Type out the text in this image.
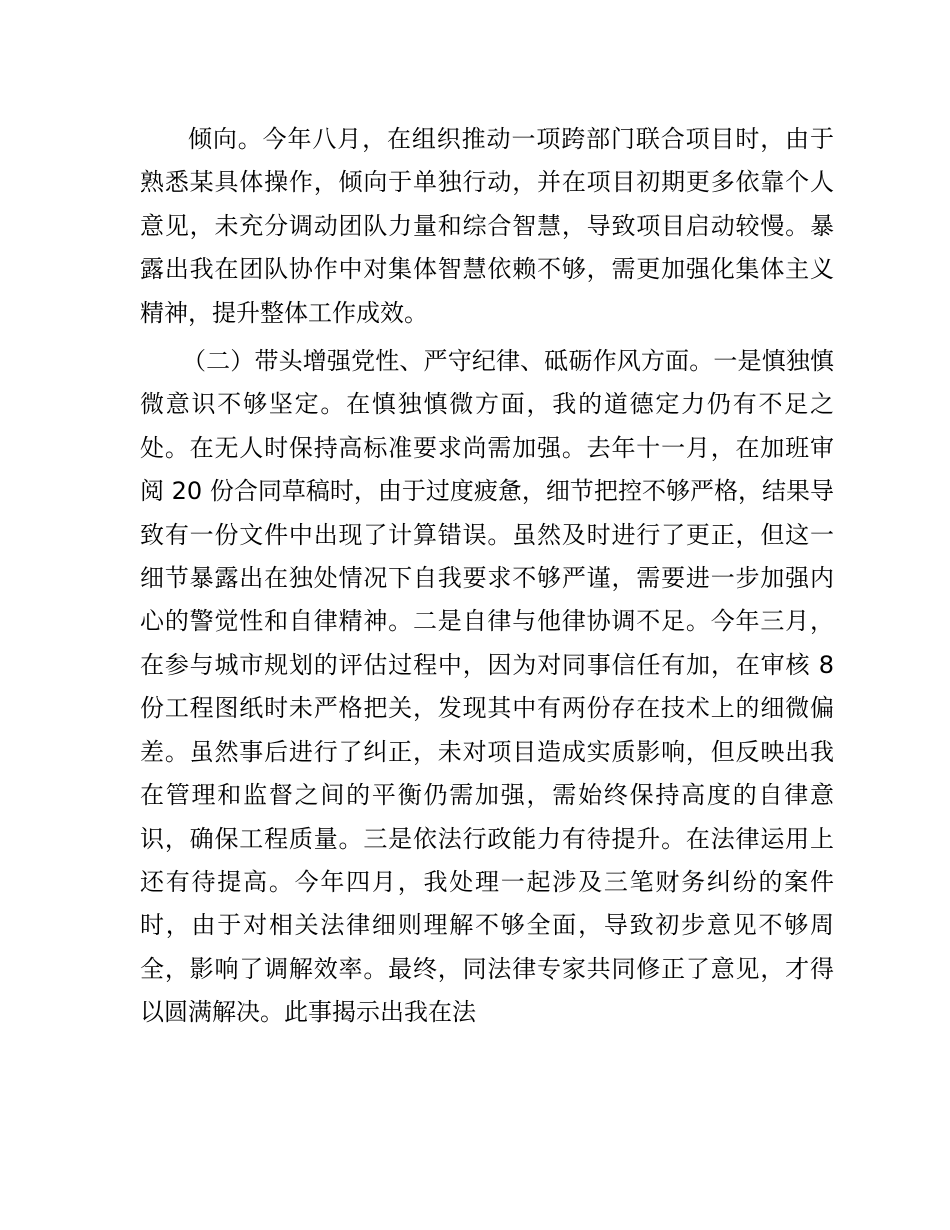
倾向。今年八月，在组织推动一项跨部门联合项目时，由于熟悉某具体操作，倾向于单独行动，并在项目初期更多依靠个人意见，未充分调动团队力量和综合智慧，导致项目启动较慢。暴露出我在团队协作中对集体智慧依赖不够，需更加强化集体主义精神，提升整体工作成效。

（二）带头增强党性、严守纪律、砥砺作风方面。一是慎独慎微意识不够坚定。在慎独慎微方面，我的道德定力仍有不足之处。在无人时保持高标准要求尚需加强。去年十一月，在加班审阅 20 份合同草稿时，由于过度疲惫，细节把控不够严格，结果导致有一份文件中出现了计算错误。虽然及时进行了更正，但这一细节暴露出在独处情况下自我要求不够严谨，需要进一步加强内心的警觉性和自律精神。二是自律与他律协调不足。今年三月，在参与城市规划的评估过程中，因为对同事信任有加，在审核 8 份工程图纸时未严格把关，发现其中有两份存在技术上的细微偏差。虽然事后进行了纠正，未对项目造成实质影响，但反映出我在管理和监督之间的平衡仍需加强，需始终保持高度的自律意识，确保工程质量。三是依法行政能力有待提升。在法律运用上还有待提高。今年四月，我处理一起涉及三笔财务纠纷的案件时，由于对相关法律细则理解不够全面，导致初步意见不够周全，影响了调解效率。最终，同法律专家共同修正了意见，才得以圆满解决。此事揭示出我在法
